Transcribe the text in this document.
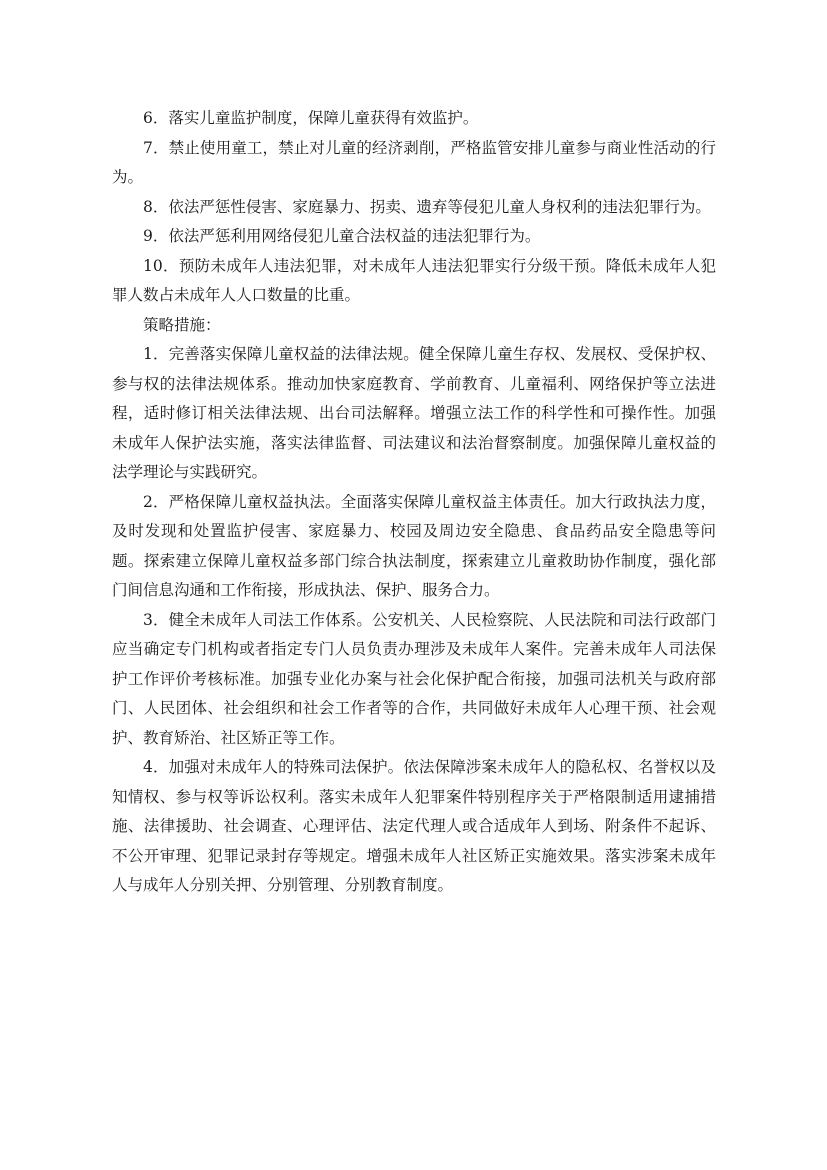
6．落实儿童监护制度，保障儿童获得有效监护。

7．禁止使用童工，禁止对儿童的经济剥削，严格监管安排儿童参与商业性活动的行为。

8．依法严惩性侵害、家庭暴力、拐卖、遗弃等侵犯儿童人身权利的违法犯罪行为。

9．依法严惩利用网络侵犯儿童合法权益的违法犯罪行为。

10．预防未成年人违法犯罪，对未成年人违法犯罪实行分级干预。降低未成年人犯罪人数占未成年人人口数量的比重。

策略措施：

1．完善落实保障儿童权益的法律法规。健全保障儿童生存权、发展权、受保护权、参与权的法律法规体系。推动加快家庭教育、学前教育、儿童福利、网络保护等立法进程，适时修订相关法律法规、出台司法解释。增强立法工作的科学性和可操作性。加强未成年人保护法实施，落实法律监督、司法建议和法治督察制度。加强保障儿童权益的法学理论与实践研究。

2．严格保障儿童权益执法。全面落实保障儿童权益主体责任。加大行政执法力度，及时发现和处置监护侵害、家庭暴力、校园及周边安全隐患、食品药品安全隐患等问题。探索建立保障儿童权益多部门综合执法制度，探索建立儿童救助协作制度，强化部门间信息沟通和工作衔接，形成执法、保护、服务合力。

3．健全未成年人司法工作体系。公安机关、人民检察院、人民法院和司法行政部门应当确定专门机构或者指定专门人员负责办理涉及未成年人案件。完善未成年人司法保护工作评价考核标准。加强专业化办案与社会化保护配合衔接，加强司法机关与政府部门、人民团体、社会组织和社会工作者等的合作，共同做好未成年人心理干预、社会观护、教育矫治、社区矫正等工作。

4．加强对未成年人的特殊司法保护。依法保障涉案未成年人的隐私权、名誉权以及知情权、参与权等诉讼权利。落实未成年人犯罪案件特别程序关于严格限制适用逮捕措施、法律援助、社会调查、心理评估、法定代理人或合适成年人到场、附条件不起诉、不公开审理、犯罪记录封存等规定。增强未成年人社区矫正实施效果。落实涉案未成年人与成年人分别关押、分别管理、分别教育制度。
